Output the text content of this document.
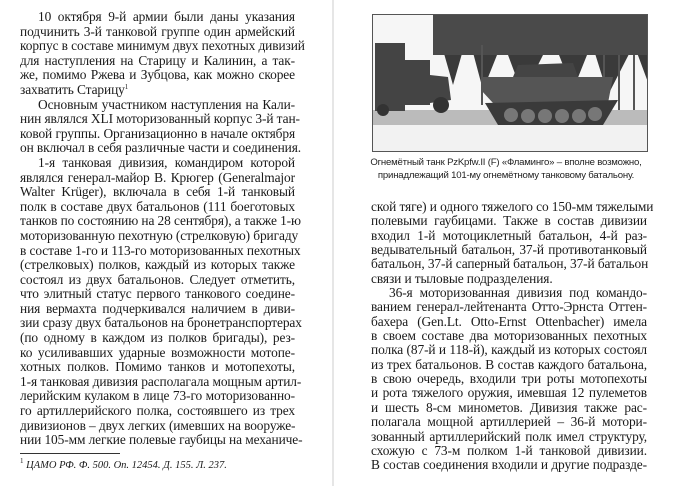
10 октября 9-й армии были даны указания
подчинить 3-й танковой группе один армейский
корпус в составе минимум двух пехотных дивизий
для наступления на Старицу и Калинин, а так-
же, помимо Ржева и Зубцова, как можно скорее
захватить Старицу$^1$
Основным участником наступления на Кали-
нин являлся XLI моторизованный корпус 3-й тан-
ковой группы. Организационно в начале октября
он включал в себя различные части и соединения.
1-я танковая дивизия, командиром которой
являлся генерал-майор В. Крюгер (Generalmajor
Walter Krüger), включала в себя 1-й танковый
полк в составе двух батальонов (111 боеготовых
танков по состоянию на 28 сентября), а также 1-ю
моторизованную пехотную (стрелковую) бригаду
в составе 1-го и 113-го моторизованных пехотных
(стрелковых) полков, каждый из которых также
состоял из двух батальонов. Следует отметить,
что элитный статус первого танкового соедине-
ния вермахта подчеркивался наличием в диви-
зии сразу двух батальонов на бронетранспортерах
(по одному в каждом из полков бригады), рез-
ко усиливавших ударные возможности мотопе-
хотных полков. Помимо танков и мотопехоты,
1-я танковая дивизия располагала мощным артил-
лерийским кулаком в лице 73-го моторизованно-
го артиллерийского полка, состоявшего из трех
дивизионов – двух легких (имевших на вооруже-
нии 105-мм легкие полевые гаубицы на механиче-
$^1$ ЦАМО РФ. Ф. 500. Оп. 12454. Д. 155. Л. 237.
Огнемётный танк PzKpfw.II (F) «Фламинго» – вполне возможно,
принадлежащий 101-му огнемётному танковому батальону.
ской тяге) и одного тяжелого со 150-мм тяжелыми
полевыми гаубицами. Также в состав дивизии
входил 1-й мотоциклетный батальон, 4-й раз-
ведывательный батальон, 37-й противотанковый
батальон, 37-й саперный батальон, 37-й батальон
связи и тыловые подразделения.
36-я моторизованная дивизия под командо-
ванием генерал-лейтенанта Отто-Эрнста Оттен-
бахера (Gen.Lt. Otto-Ernst Ottenbacher) имела
в своем составе два моторизованных пехотных
полка (87-й и 118-й), каждый из которых состоял
из трех батальонов. В состав каждого батальона,
в свою очередь, входили три роты мотопехоты
и рота тяжелого оружия, имевшая 12 пулеметов
и шесть 8-см минометов. Дивизия также рас-
полагала мощной артиллерией – 36-й мотори-
зованный артиллерийский полк имел структуру,
схожую с 73-м полком 1-й танковой дивизии.
В состав соединения входили и другие подразде-
